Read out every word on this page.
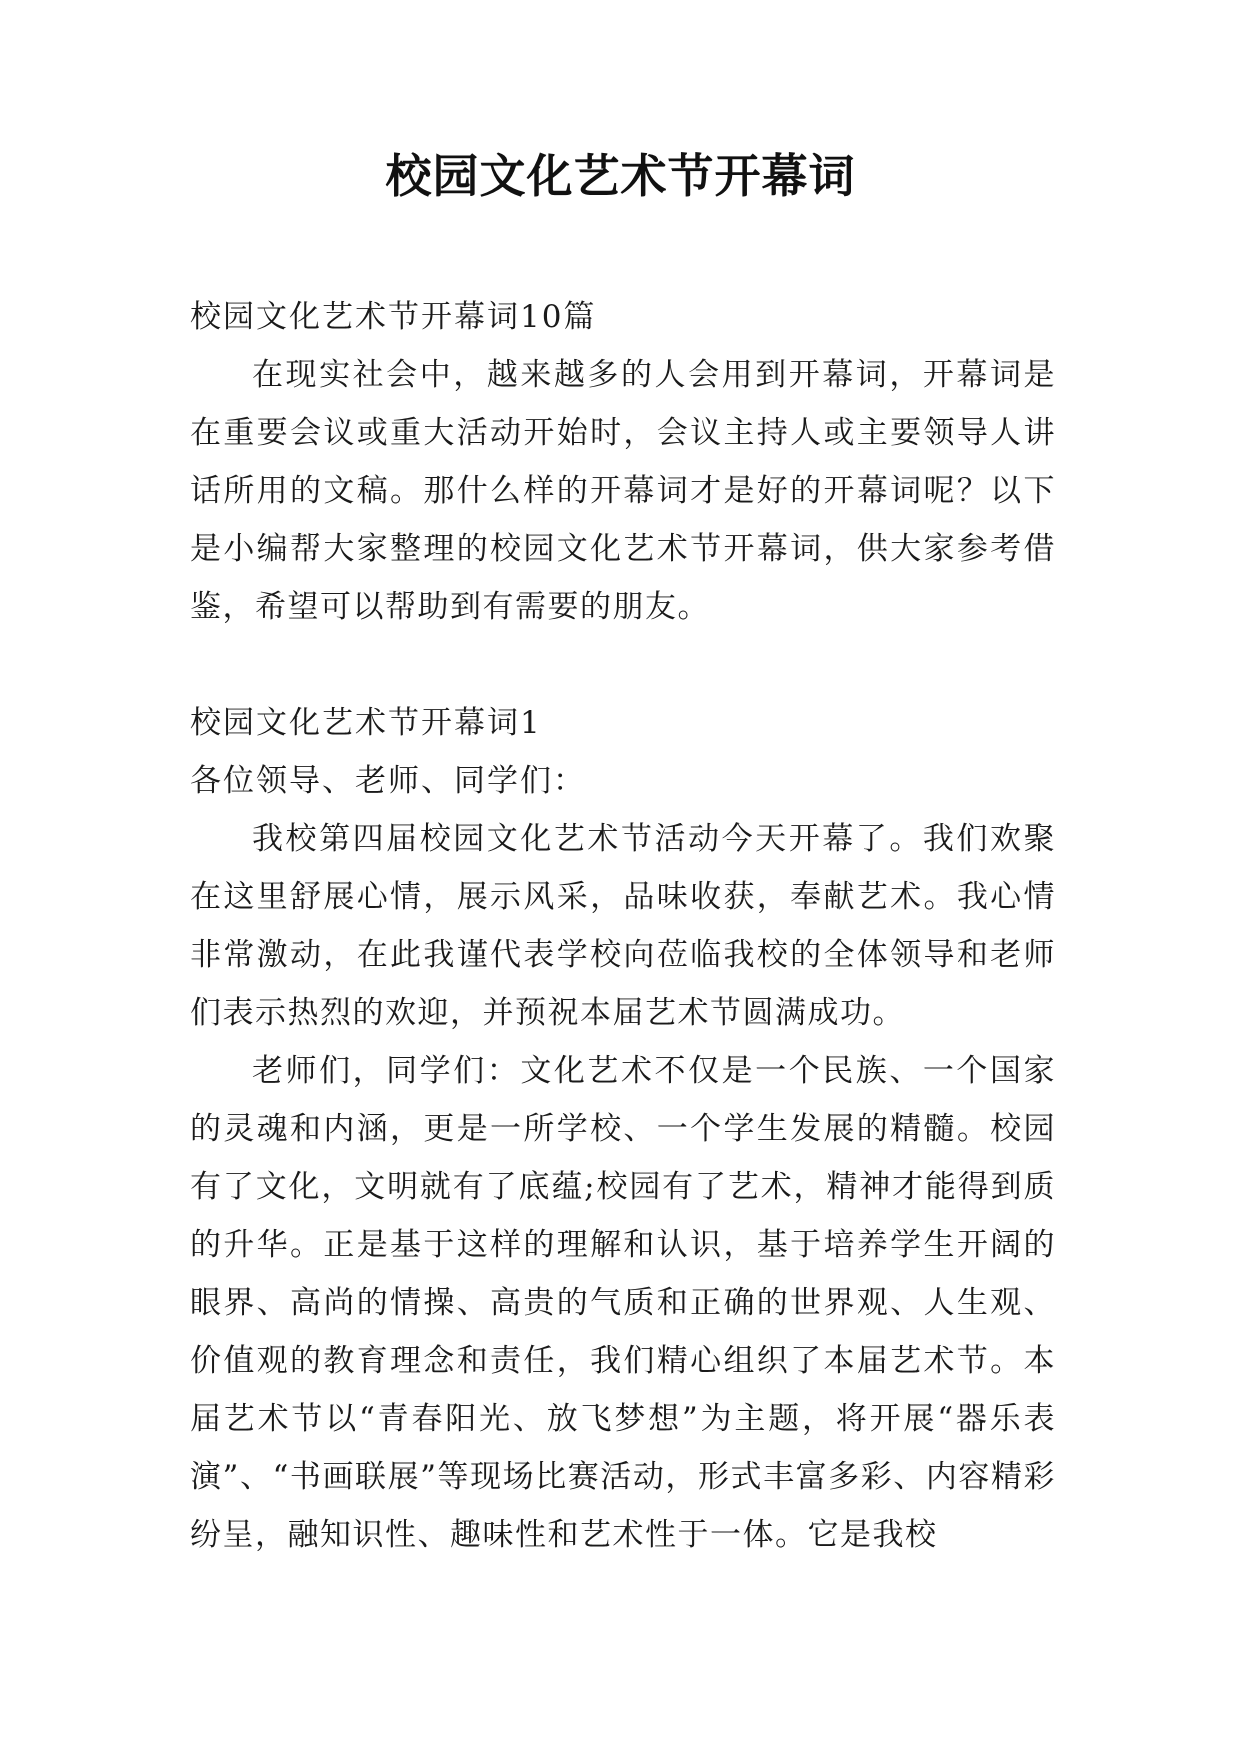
校园文化艺术节开幕词

校园文化艺术节开幕词10篇

在现实社会中，越来越多的人会用到开幕词，开幕词是在重要会议或重大活动开始时，会议主持人或主要领导人讲话所用的文稿。那什么样的开幕词才是好的开幕词呢？以下是小编帮大家整理的校园文化艺术节开幕词，供大家参考借鉴，希望可以帮助到有需要的朋友。

校园文化艺术节开幕词1

各位领导、老师、同学们：

我校第四届校园文化艺术节活动今天开幕了。我们欢聚在这里舒展心情，展示风采，品味收获，奉献艺术。我心情非常激动，在此我谨代表学校向莅临我校的全体领导和老师们表示热烈的欢迎，并预祝本届艺术节圆满成功。

老师们，同学们：文化艺术不仅是一个民族、一个国家的灵魂和内涵，更是一所学校、一个学生发展的精髓。校园有了文化，文明就有了底蕴;校园有了艺术，精神才能得到质的升华。正是基于这样的理解和认识，基于培养学生开阔的眼界、高尚的情操、高贵的气质和正确的世界观、人生观、价值观的教育理念和责任，我们精心组织了本届艺术节。本届艺术节以“青春阳光、放飞梦想”为主题，将开展“器乐表演”、“书画联展”等现场比赛活动，形式丰富多彩、内容精彩纷呈，融知识性、趣味性和艺术性于一体。它是我校
